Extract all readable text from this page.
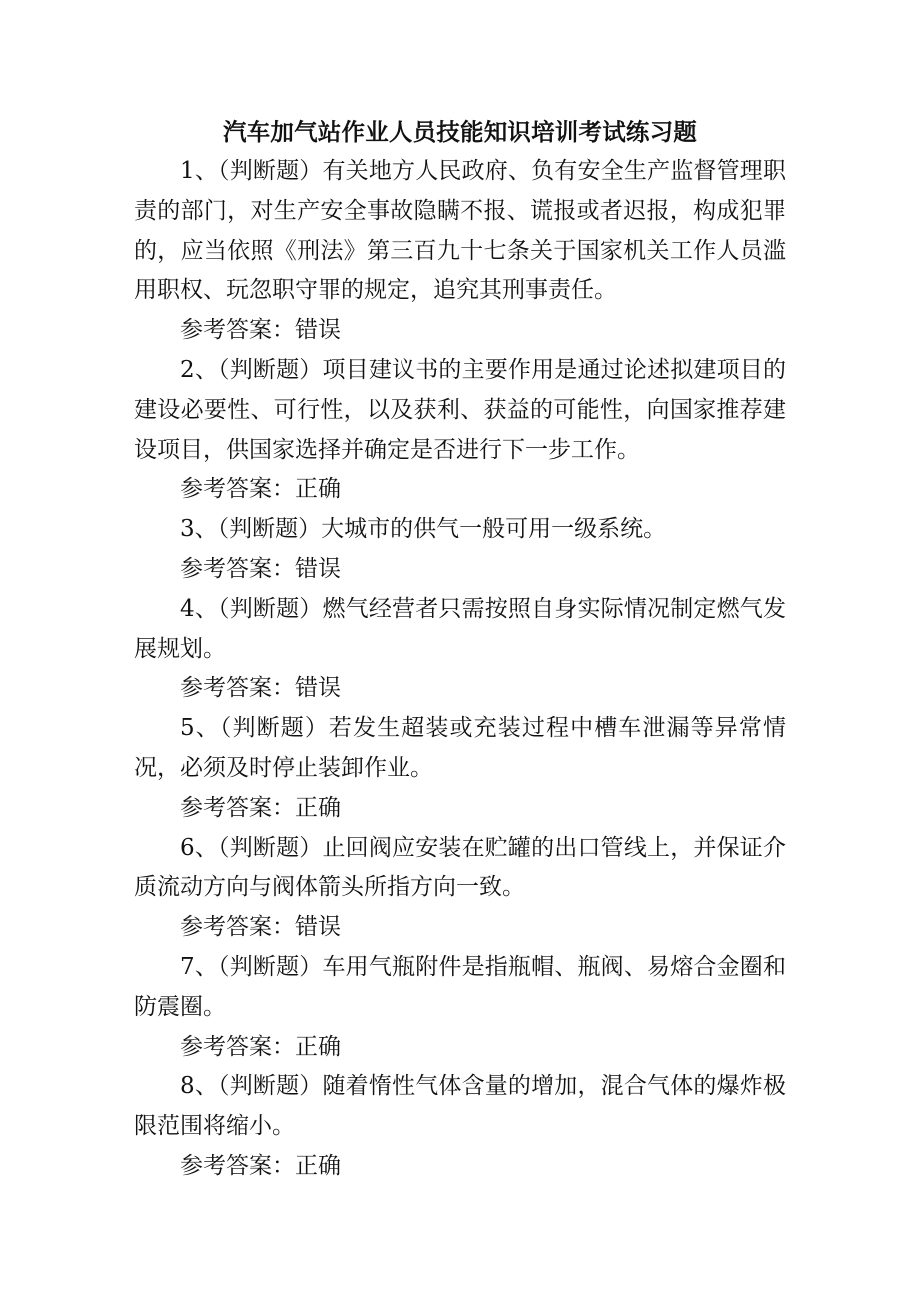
汽车加气站作业人员技能知识培训考试练习题

1、（判断题）有关地方人民政府、负有安全生产监督管理职责的部门，对生产安全事故隐瞒不报、谎报或者迟报，构成犯罪的，应当依照《刑法》第三百九十七条关于国家机关工作人员滥用职权、玩忽职守罪的规定，追究其刑事责任。

参考答案：错误

2、（判断题）项目建议书的主要作用是通过论述拟建项目的建设必要性、可行性，以及获利、获益的可能性，向国家推荐建设项目，供国家选择并确定是否进行下一步工作。

参考答案：正确

3、（判断题）大城市的供气一般可用一级系统。

参考答案：错误

4、（判断题）燃气经营者只需按照自身实际情况制定燃气发展规划。

参考答案：错误

5、（判断题）若发生超装或充装过程中槽车泄漏等异常情况，必须及时停止装卸作业。

参考答案：正确

6、（判断题）止回阀应安装在贮罐的出口管线上，并保证介质流动方向与阀体箭头所指方向一致。

参考答案：错误

7、（判断题）车用气瓶附件是指瓶帽、瓶阀、易熔合金圈和防震圈。

参考答案：正确

8、（判断题）随着惰性气体含量的增加，混合气体的爆炸极限范围将缩小。

参考答案：正确
